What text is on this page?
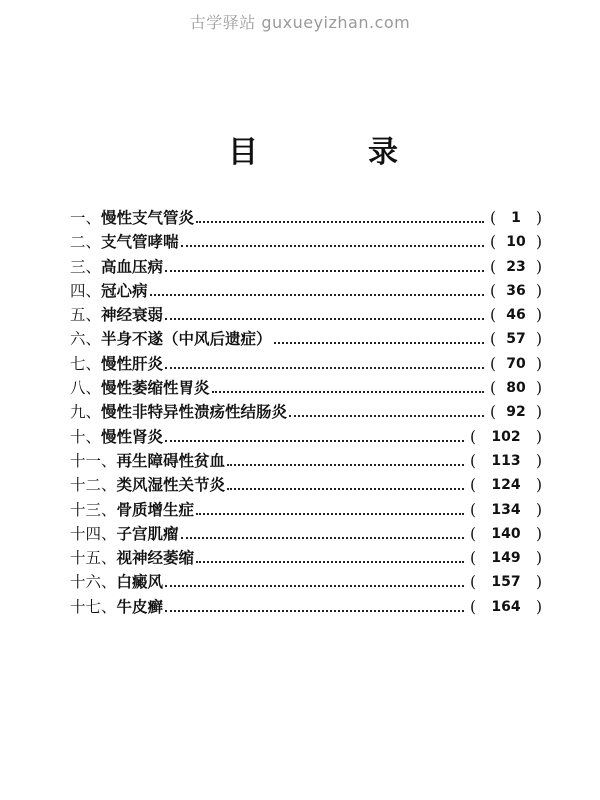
古学驿站 guxueyizhan.com
目	录
一、 慢性支气管炎	(	1 )
二、 支气管哮喘	( 10 )
三、 高血压病	( 23 )
四、 冠心病	( 36 )
五、 神经衰弱	( 46 )
六、 半身不遂（中风后遗症）	( 57 )
七、 慢性肝炎	( 70 )
八、 慢性萎缩性胃炎	( 80 )
九、 慢性非特异性溃疡性结肠炎	( 92 )
十、 慢性肾炎	(	102 )
十一、 再生障碍性贫血	(	113 )
十二、 类风湿性关节炎	(	124 )
十三、 骨质增生症	(	134 )
十四、 子宫肌瘤	(	140 )
十五、 视神经萎缩	(	149 )
十六、 白癜风	(	157 )
十七、 牛皮癣	(	164 )
